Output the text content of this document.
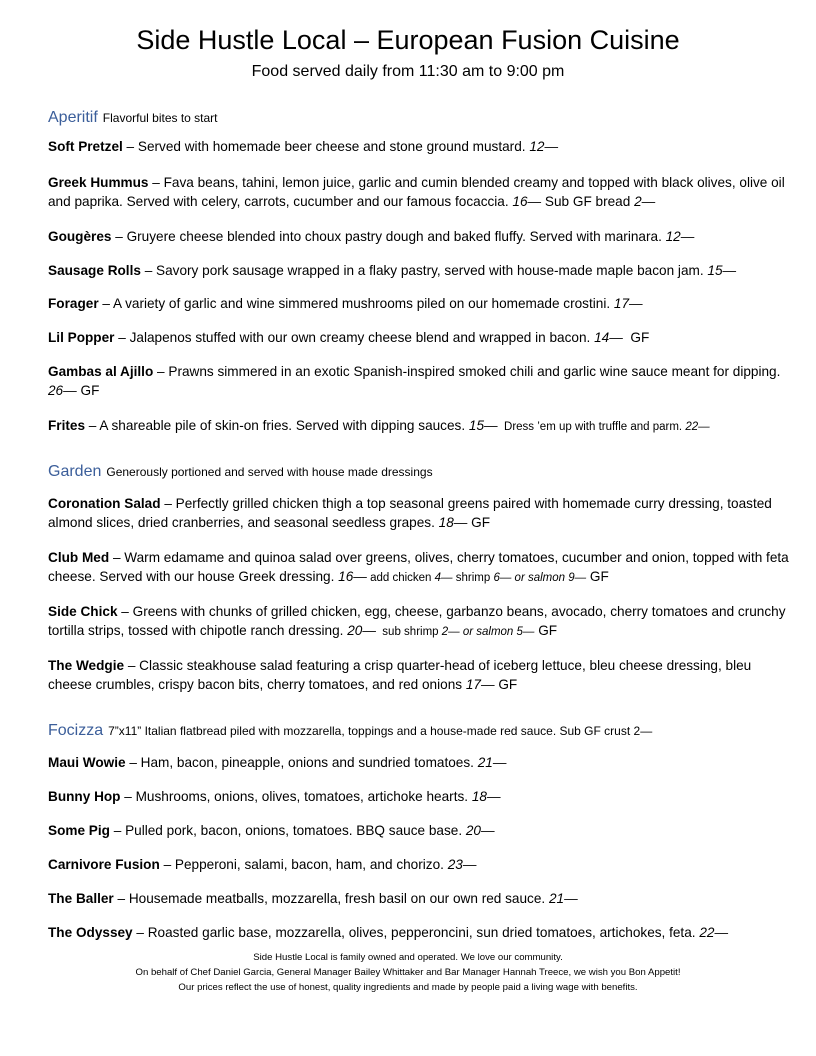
Side Hustle Local – European Fusion Cuisine
Food served daily from 11:30 am to 9:00 pm
Aperitif Flavorful bites to start
Soft Pretzel – Served with homemade beer cheese and stone ground mustard. 12—
Greek Hummus – Fava beans, tahini, lemon juice, garlic and cumin blended creamy and topped with black olives, olive oil and paprika. Served with celery, carrots, cucumber and our famous focaccia. 16— Sub GF bread 2—
Gougères – Gruyere cheese blended into choux pastry dough and baked fluffy. Served with marinara. 12—
Sausage Rolls – Savory pork sausage wrapped in a flaky pastry, served with house-made maple bacon jam. 15—
Forager – A variety of garlic and wine simmered mushrooms piled on our homemade crostini. 17—
Lil Popper – Jalapenos stuffed with our own creamy cheese blend and wrapped in bacon. 14—  GF
Gambas al Ajillo – Prawns simmered in an exotic Spanish-inspired smoked chili and garlic wine sauce meant for dipping. 26— GF
Frites – A shareable pile of skin-on fries. Served with dipping sauces. 15—  Dress ’em up with truffle and parm. 22—
Garden Generously portioned and served with house made dressings
Coronation Salad – Perfectly grilled chicken thigh a top seasonal greens paired with homemade curry dressing, toasted almond slices, dried cranberries, and seasonal seedless grapes. 18— GF
Club Med – Warm edamame and quinoa salad over greens, olives, cherry tomatoes, cucumber and onion, topped with feta cheese. Served with our house Greek dressing. 16— add chicken 4— shrimp 6— or salmon 9— GF
Side Chick – Greens with chunks of grilled chicken, egg, cheese, garbanzo beans, avocado, cherry tomatoes and crunchy tortilla strips, tossed with chipotle ranch dressing. 20—  sub shrimp 2— or salmon 5— GF
The Wedgie – Classic steakhouse salad featuring a crisp quarter-head of iceberg lettuce, bleu cheese dressing, bleu cheese crumbles, crispy bacon bits, cherry tomatoes, and red onions 17— GF
Focizza 7”x11” Italian flatbread piled with mozzarella, toppings and a house-made red sauce. Sub GF crust 2—
Maui Wowie – Ham, bacon, pineapple, onions and sundried tomatoes. 21—
Bunny Hop – Mushrooms, onions, olives, tomatoes, artichoke hearts. 18—
Some Pig – Pulled pork, bacon, onions, tomatoes. BBQ sauce base. 20—
Carnivore Fusion – Pepperoni, salami, bacon, ham, and chorizo. 23—
The Baller – Housemade meatballs, mozzarella, fresh basil on our own red sauce. 21—
The Odyssey – Roasted garlic base, mozzarella, olives, pepperoncini, sun dried tomatoes, artichokes, feta. 22—
Side Hustle Local is family owned and operated. We love our community.
On behalf of Chef Daniel Garcia, General Manager Bailey Whittaker and Bar Manager Hannah Treece, we wish you Bon Appetit!
Our prices reflect the use of honest, quality ingredients and made by people paid a living wage with benefits.
